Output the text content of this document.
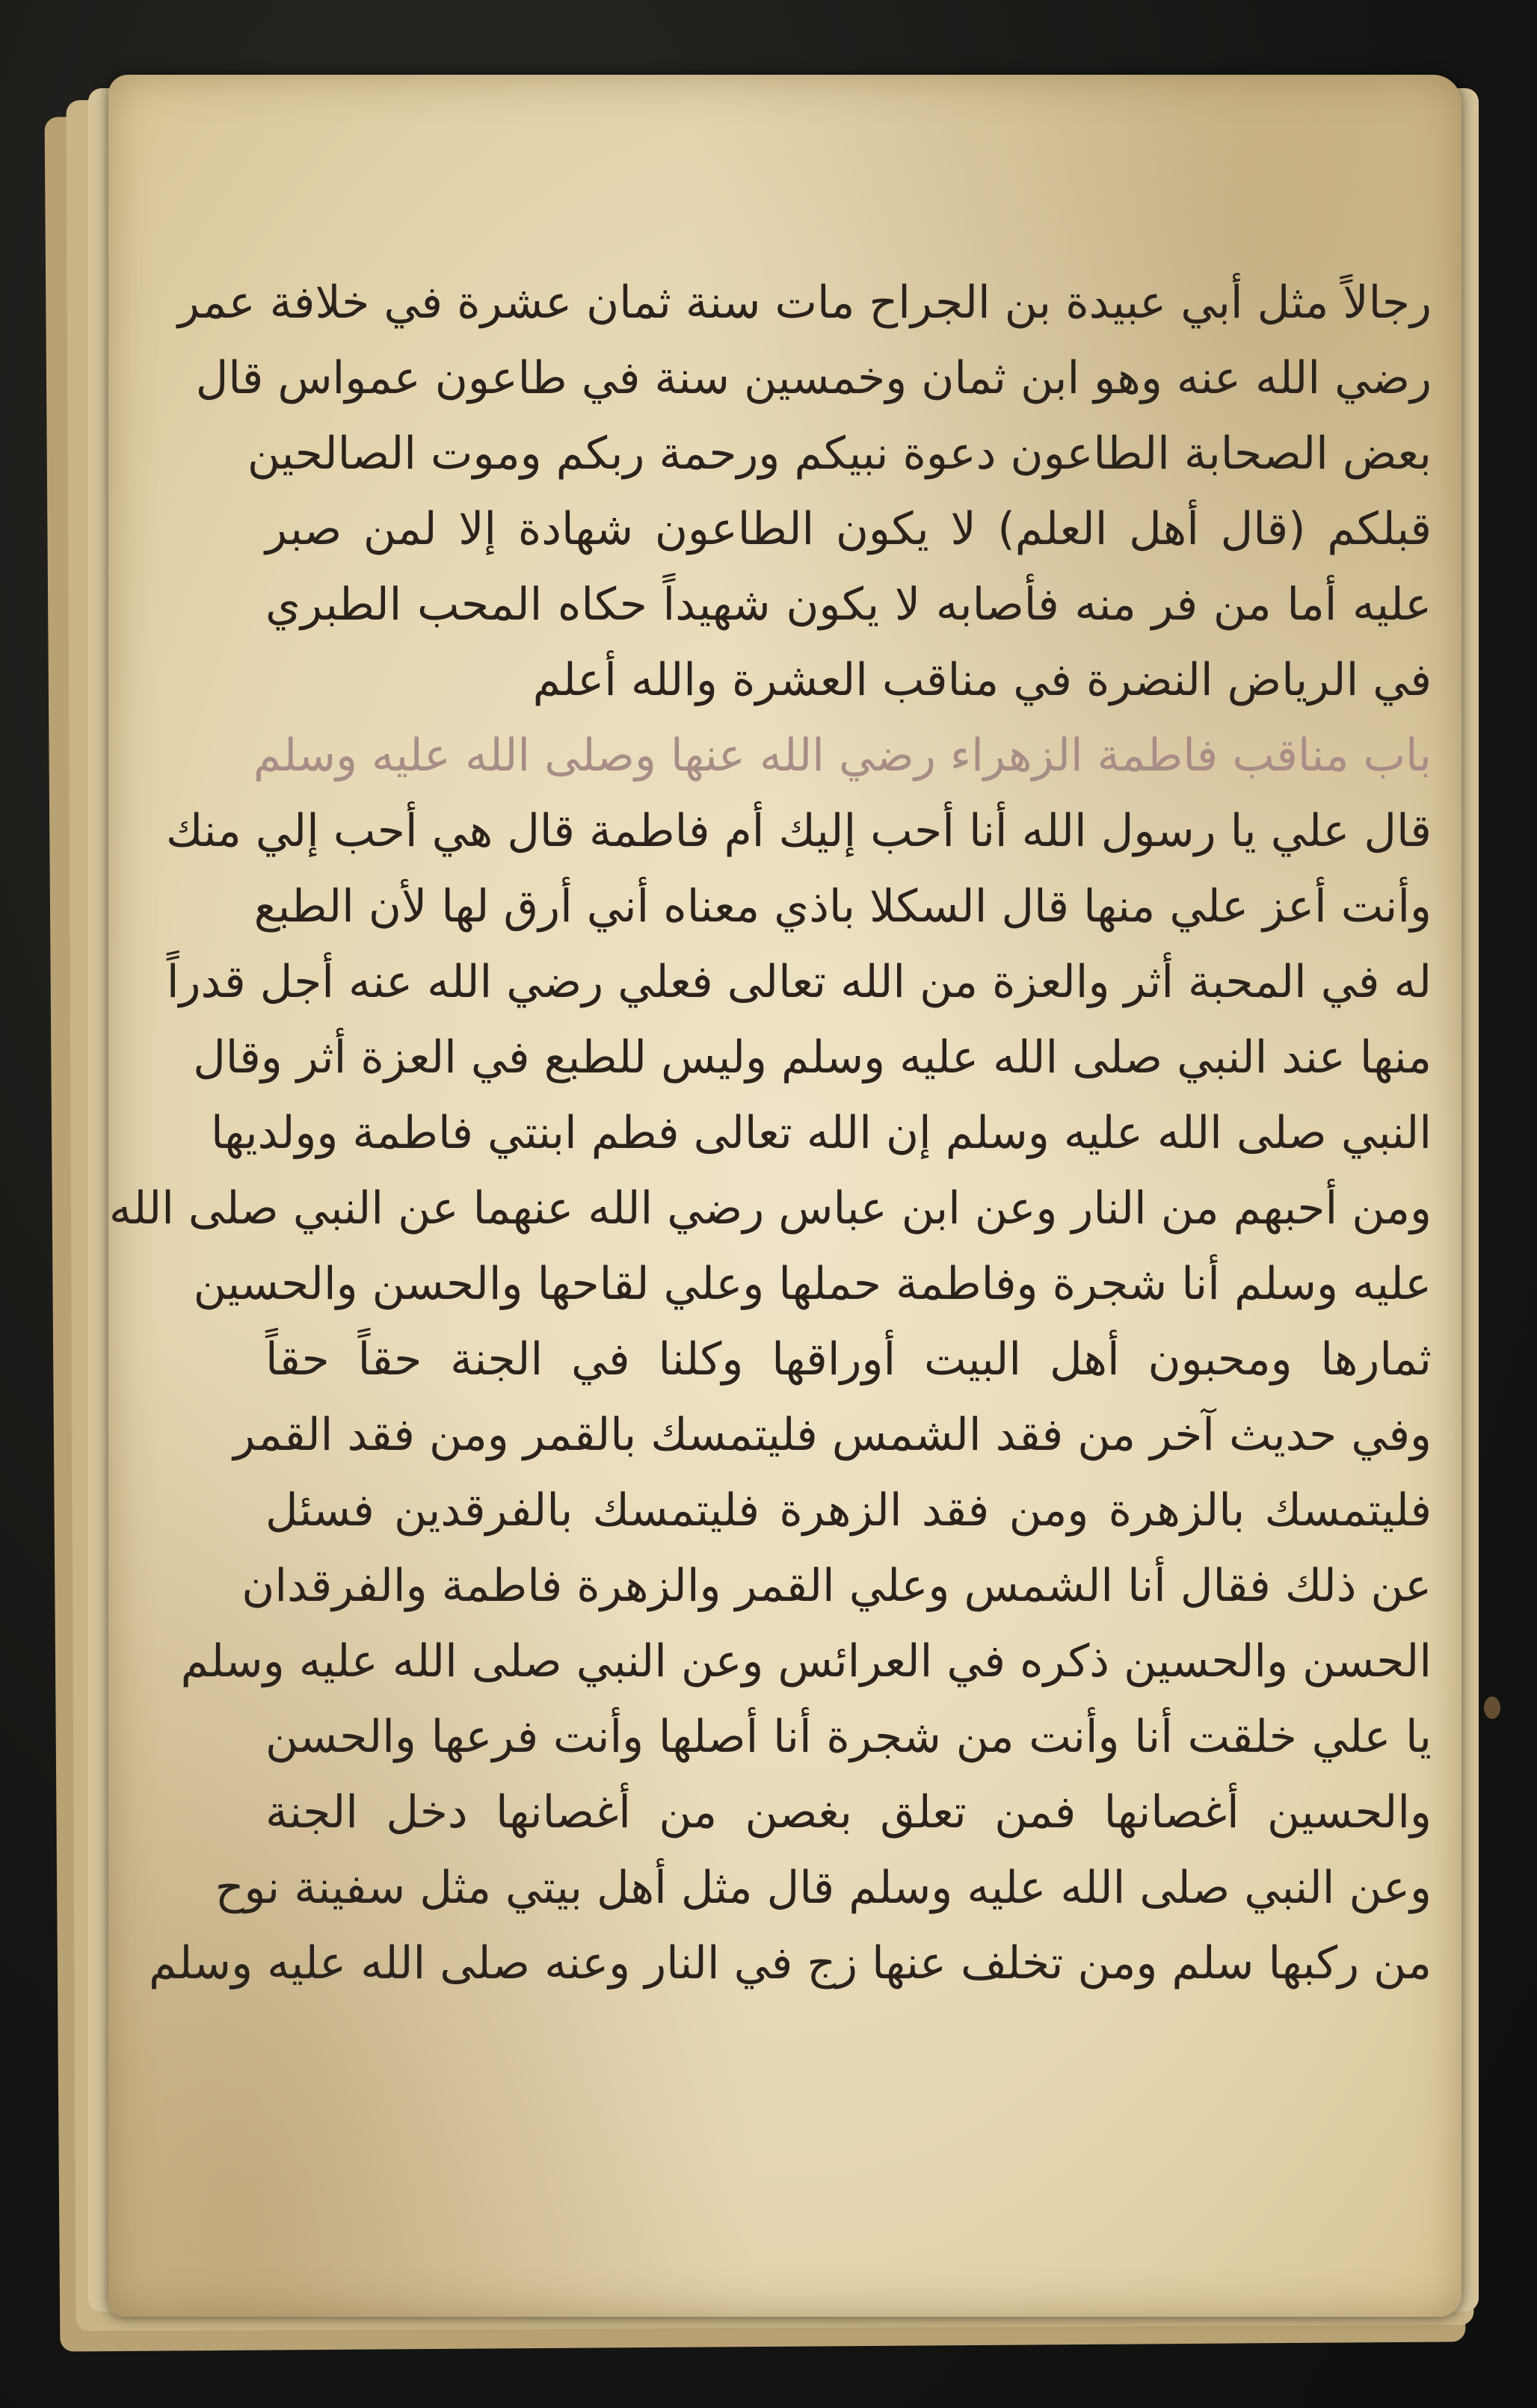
رجالاً مثل أبي عبيدة بن الجراح مات سنة ثمان عشرة في خلافة عمر
رضي الله عنه وهو ابن ثمان وخمسين سنة في طاعون عمواس قال
بعض الصحابة الطاعون دعوة نبيكم ورحمة ربكم وموت الصالحين
قبلكم (قال أهل العلم) لا يكون الطاعون شهادة إلا لمن صبر
عليه أما من فر منه فأصابه لا يكون شهيداً حكاه المحب الطبري
في الرياض النضرة في مناقب العشرة والله أعلم
باب مناقب فاطمة الزهراء رضي الله عنها وصلى الله عليه وسلم
قال علي يا رسول الله أنا أحب إليك أم فاطمة قال هي أحب إلي منك
وأنت أعز علي منها قال السكلا باذي معناه أني أرق لها لأن الطبع
له في المحبة أثر والعزة من الله تعالى فعلي رضي الله عنه أجل قدراً
منها عند النبي صلى الله عليه وسلم وليس للطبع في العزة أثر وقال
النبي صلى الله عليه وسلم إن الله تعالى فطم ابنتي فاطمة وولديها
ومن أحبهم من النار وعن ابن عباس رضي الله عنهما عن النبي صلى الله
عليه وسلم أنا شجرة وفاطمة حملها وعلي لقاحها والحسن والحسين
ثمارها ومحبون أهل البيت أوراقها وكلنا في الجنة حقاً حقاً
وفي حديث آخر من فقد الشمس فليتمسك بالقمر ومن فقد القمر
فليتمسك بالزهرة ومن فقد الزهرة فليتمسك بالفرقدين فسئل
عن ذلك فقال أنا الشمس وعلي القمر والزهرة فاطمة والفرقدان
الحسن والحسين ذكره في العرائس وعن النبي صلى الله عليه وسلم
يا علي خلقت أنا وأنت من شجرة أنا أصلها وأنت فرعها والحسن
والحسين أغصانها فمن تعلق بغصن من أغصانها دخل الجنة
وعن النبي صلى الله عليه وسلم قال مثل أهل بيتي مثل سفينة نوح
من ركبها سلم ومن تخلف عنها زج في النار وعنه صلى الله عليه وسلم
